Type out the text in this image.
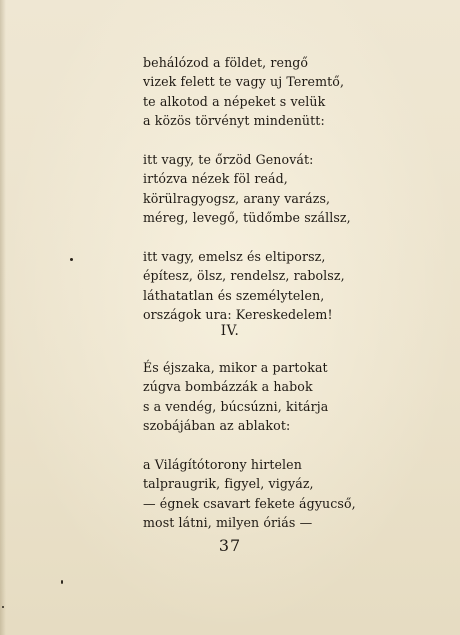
behálózod a földet, rengő
vizek felett te vagy uj Teremtő,
te alkotod a népeket s velük
a közös törvényt mindenütt:
itt vagy, te őrzöd Genovát:
irtózva nézek föl reád,
körülragyogsz, arany varázs,
méreg, levegő, tüdőmbe szállsz,
itt vagy, emelsz és eltiporsz,
építesz, ölsz, rendelsz, rabolsz,
láthatatlan és személytelen,
országok ura: Kereskedelem!
IV.
És éjszaka, mikor a partokat
zúgva bombázzák a habok
s a vendég, búcsúzni, kitárja
szobájában az ablakot:
a Világítótorony hirtelen
talpraugrik, figyel, vigyáz,
— égnek csavart fekete ágyucső,
most látni, milyen óriás —
37
